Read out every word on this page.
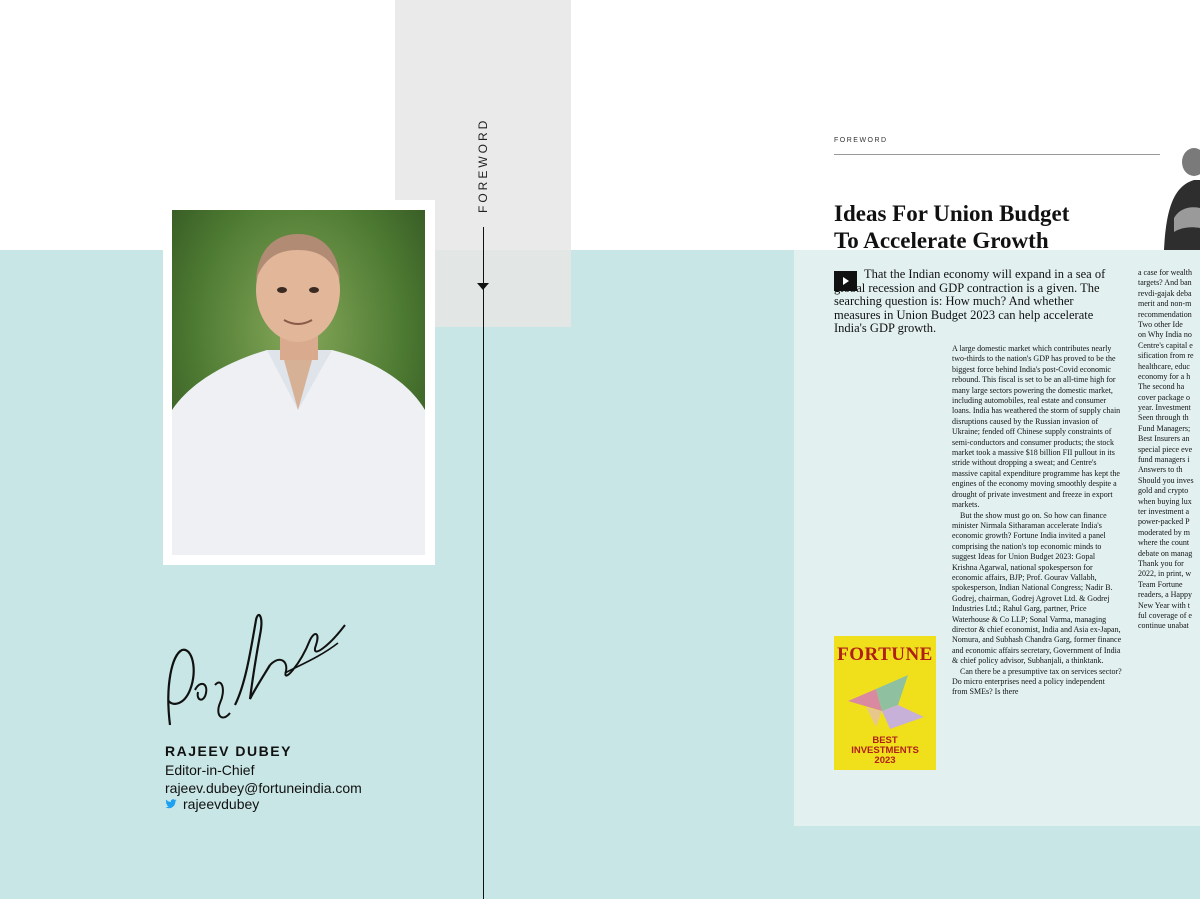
FOREWORD
RAJEEV DUBEY
Editor-in-Chief
rajeev.dubey@fortuneindia.com
rajeevdubey
FOREWORD
Ideas For Union Budget
To Accelerate Growth
That the Indian economy will expand in a sea of global recession and GDP contraction is a given. The searching question is: How much? And whether measures in Union Budget 2023 can help accelerate India's GDP growth.

A large domestic market which contributes nearly two-thirds to the nation's GDP has proved to be the biggest force behind India's post-Covid economic rebound. This fiscal is set to be an all-time high for many large sectors powering the domestic market, including automobiles, real estate and consumer loans. India has weathered the storm of supply chain disruptions caused by the Russian invasion of Ukraine; fended off Chinese supply constraints of semi-conductors and consumer products; the stock market took a massive $18 billion FII pullout in its stride without dropping a sweat; and Centre's massive capital expenditure programme has kept the engines of the economy moving smoothly despite a drought of private investment and freeze in export markets.

But the show must go on. So how can finance minister Nirmala Sitharaman accelerate India's economic growth? Fortune India invited a panel comprising the nation's top economic minds to suggest Ideas for Union Budget 2023: Gopal Krishna Agarwal, national spokesperson for economic affairs, BJP; Prof. Gourav Vallabh, spokesperson, Indian National Congress; Nadir B. Godrej, chairman, Godrej Agrovet Ltd. & Godrej Industries Ltd.; Rahul Garg, partner, Price Waterhouse & Co LLP; Sonal Varma, managing director & chief economist, India and Asia ex-Japan, Nomura, and Subhash Chandra Garg, former finance and economic affairs secretary, Government of India & chief policy advisor, Subhanjali, a thinktank.

Can there be a presumptive tax on services sector? Do micro enterprises need a policy independent from SMEs? Is there

a case for wealth
targets? And ban
revdi-gajak deba
merit and non-m
recommendation
Two other Ide
on Why India no
Centre's capital e
sification from re
healthcare, educ
economy for a h
The second ha
cover package o
year. Investment
Seen through th
Fund Managers;
Best Insurers an
special piece eve
fund managers i
Answers to th
Should you inves
gold and crypto
when buying lux
ter investment a
power-packed P
moderated by m
where the count
debate on manag
Thank you for
2022, in print, w
Team Fortune
readers, a Happy
New Year with t
ful coverage of e
continue unabat
FORTUNE
BEST
INVESTMENTS
2023
